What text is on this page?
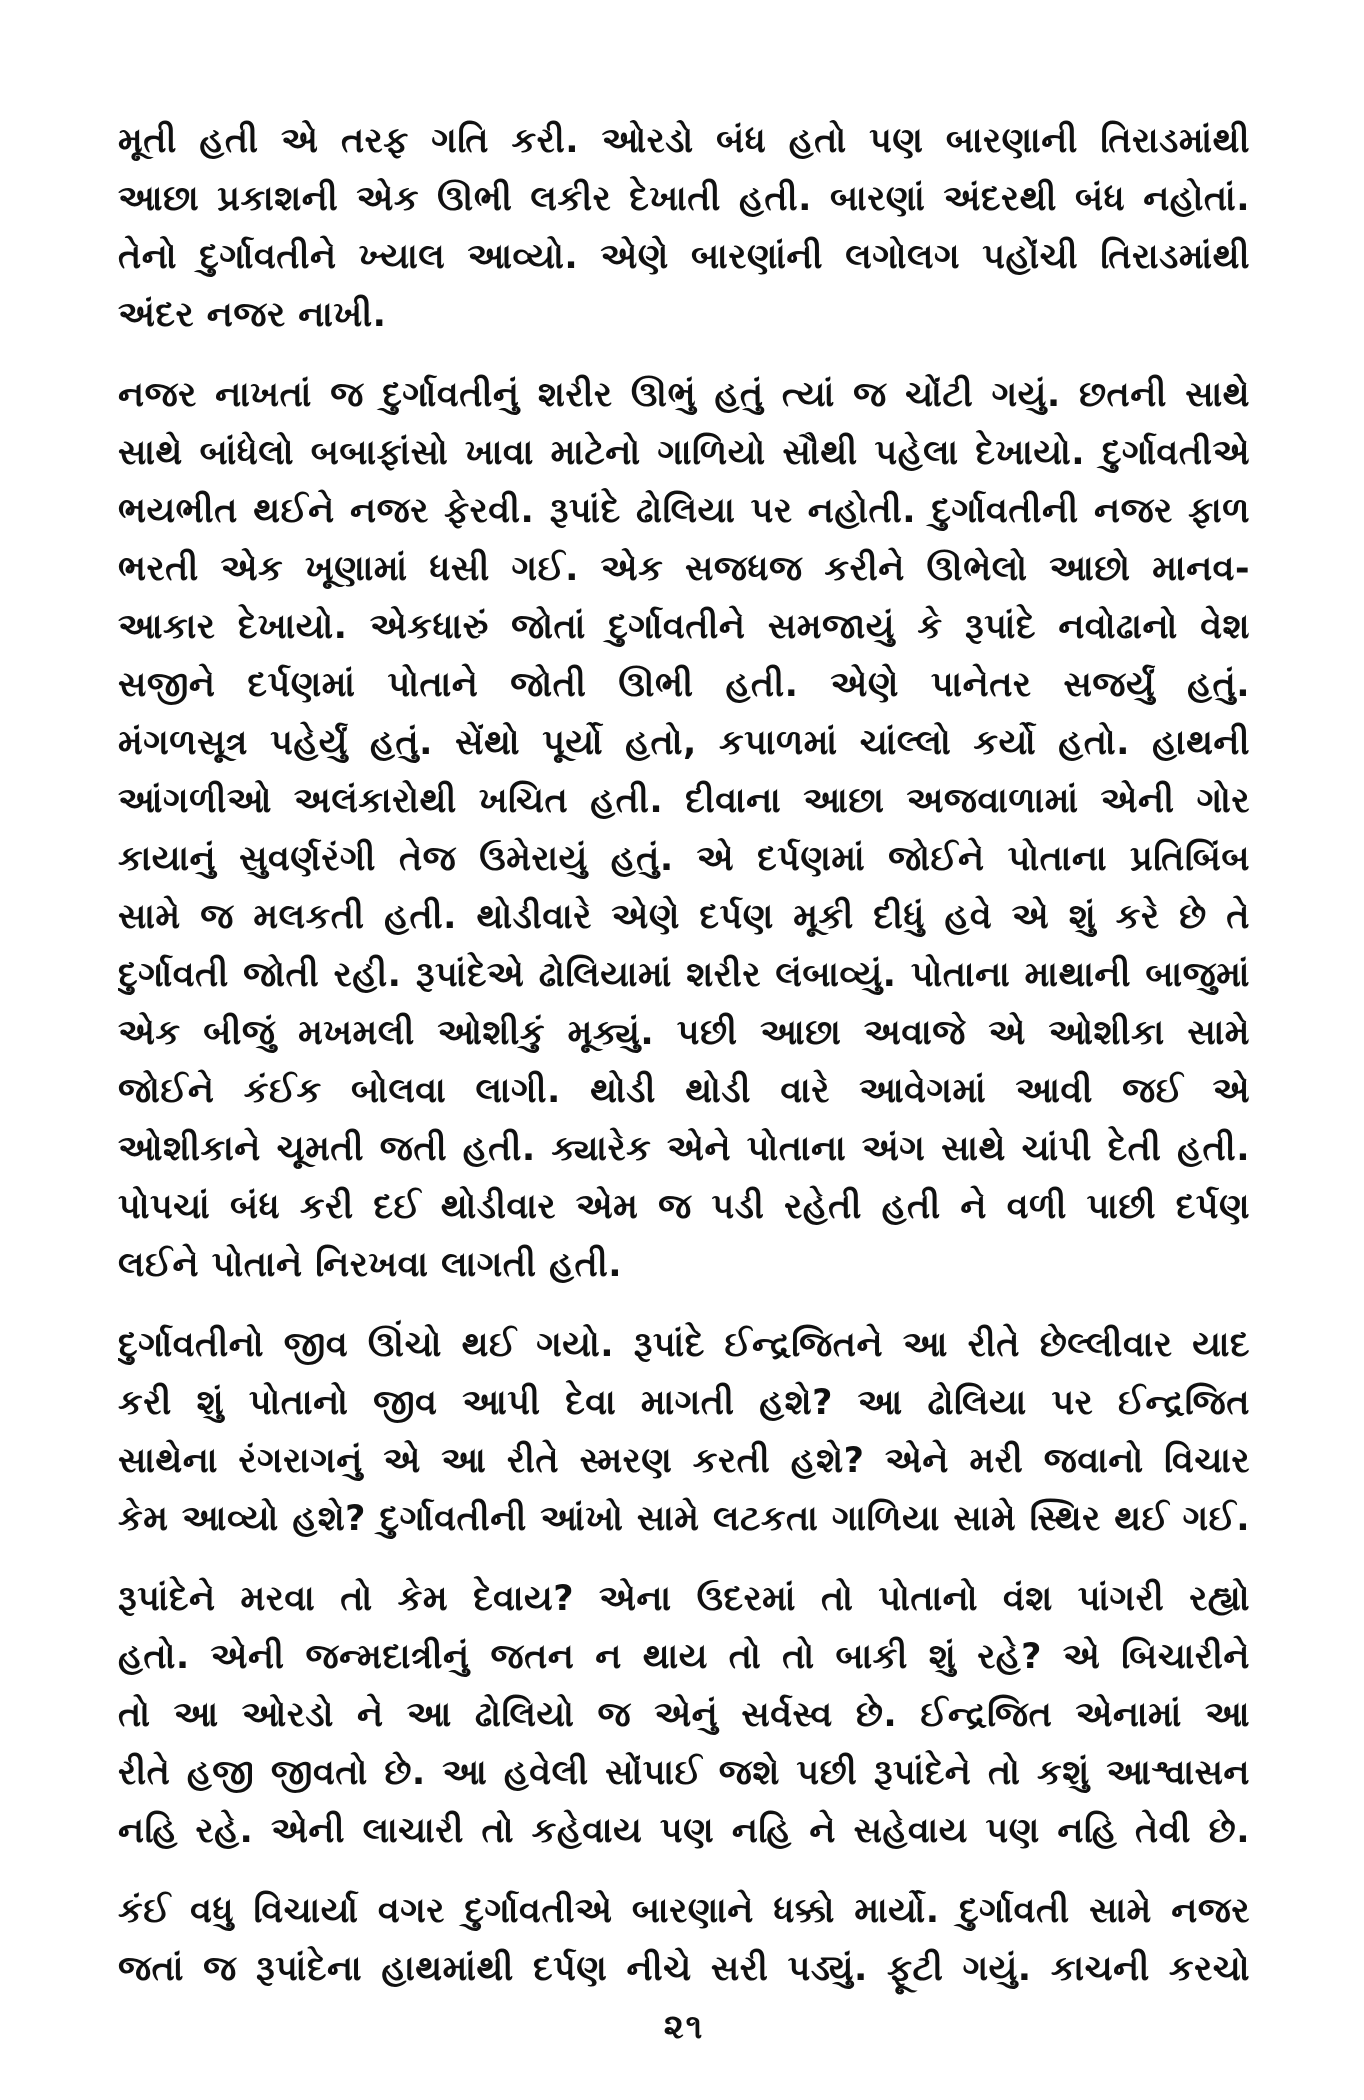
મૂતી હતી એ તરફ ગતિ કરી. ઓરડો બંધ હતો પણ બારણાની તિરાડમાંથી
આછા પ્રકાશની એક ઊભી લકીર દેખાતી હતી. બારણાં અંદરથી બંધ નહોતાં.
તેનો દુર્ગાવતીને ખ્યાલ આવ્યો. એણે બારણાંની લગોલગ પહોંચી તિરાડમાંથી
અંદર નજર નાખી.

નજર નાખતાં જ દુર્ગાવતીનું શરીર ઊભું હતું ત્યાં જ ચોંટી ગયું. છતની સાથે
સાથે બાંધેલો બબાફાંસો ખાવા માટેનો ગાળિયો સૌથી પહેલા દેખાયો. દુર્ગાવતીએ
ભયભીત થઈને નજર ફેરવી. રૂપાંદે ઢોલિયા પર નહોતી. દુર્ગાવતીની નજર ફાળ
ભરતી એક ખૂણામાં ધસી ગઈ. એક સજધજ કરીને ઊભેલો આછો માનવ-
આકાર દેખાયો. એકધારું જોતાં દુર્ગાવતીને સમજાયું કે રૂપાંદે નવોઢાનો વેશ
સજીને દર્પણમાં પોતાને જોતી ઊભી હતી. એણે પાનેતર સજર્યું હતું.
મંગળસૂત્ર પહેર્યું હતું. સેંથો પૂર્યો હતો, કપાળમાં ચાંલ્લો કર્યો હતો. હાથની
આંગળીઓ અલંકારોથી ખચિત હતી. દીવાના આછા અજવાળામાં એની ગોર
કાયાનું સુવર્ણરંગી તેજ ઉમેરાયું હતું. એ દર્પણમાં જોઈને પોતાના પ્રતિબિંબ
સામે જ મલકતી હતી. થોડીવારે એણે દર્પણ મૂકી દીધું હવે એ શું કરે છે તે
દુર્ગાવતી જોતી રહી. રૂપાંદેએ ઢોલિયામાં શરીર લંબાવ્યું. પોતાના માથાની બાજુમાં
એક બીજું મખમલી ઓશીકું મૂક્યું. પછી આછા અવાજે એ ઓશીકા સામે
જોઈને કંઈક બોલવા લાગી. થોડી થોડી વારે આવેગમાં આવી જઈ એ
ઓશીકાને ચૂમતી જતી હતી. ક્યારેક એને પોતાના અંગ સાથે ચાંપી દેતી હતી.
પોપચાં બંધ કરી દઈ થોડીવાર એમ જ પડી રહેતી હતી ને વળી પાછી દર્પણ
લઈને પોતાને નિરખવા લાગતી હતી.

દુર્ગાવતીનો જીવ ઊંચો થઈ ગયો. રૂપાંદે ઈન્દ્રજિતને આ રીતે છેલ્લીવાર યાદ
કરી શું પોતાનો જીવ આપી દેવા માગતી હશે? આ ઢોલિયા પર ઈન્દ્રજિત
સાથેના રંગરાગનું એ આ રીતે સ્મરણ કરતી હશે? એને મરી જવાનો વિચાર
કેમ આવ્યો હશે? દુર્ગાવતીની આંખો સામે લટકતા ગાળિયા સામે સ્થિર થઈ ગઈ.

રૂપાંદેને મરવા તો કેમ દેવાય? એના ઉદરમાં તો પોતાનો વંશ પાંગરી રહ્યો
હતો. એની જન્મદાત્રીનું જતન ન થાય તો તો બાકી શું રહે? એ બિચારીને
તો આ ઓરડો ને આ ઢોલિયો જ એનું સર્વસ્વ છે. ઈન્દ્રજિત એનામાં આ
રીતે હજી જીવતો છે. આ હવેલી સોંપાઈ જશે પછી રૂપાંદેને તો કશું આશ્વાસન
નહિ રહે. એની લાચારી તો કહેવાય પણ નહિ ને સહેવાય પણ નહિ તેવી છે.

કંઈ વધુ વિચાર્યા વગર દુર્ગાવતીએ બારણાને ધક્કો માર્યો. દુર્ગાવતી સામે નજર
જતાં જ રૂપાંદેના હાથમાંથી દર્પણ નીચે સરી પડ્યું. ફૂટી ગયું. કાચની કરચો

૨૧
